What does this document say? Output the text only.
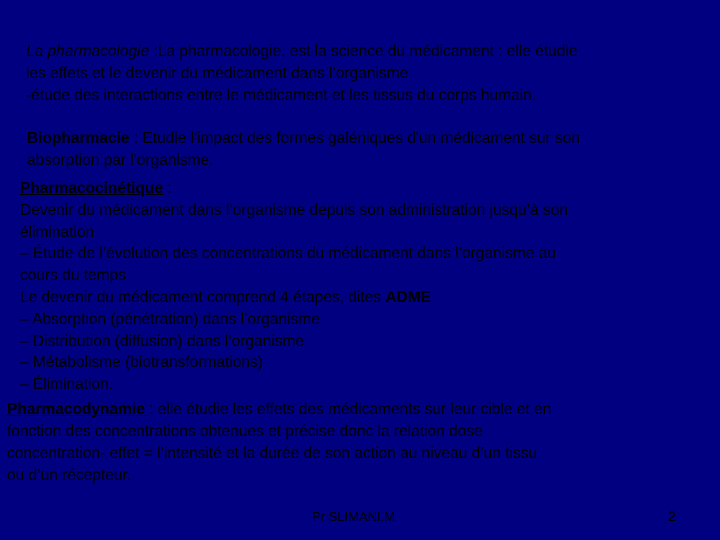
La pharmacologie :La pharmacologie, est la science du médicament : elle étudie
les effets et le devenir du médicament dans l’organisme
-étude des interactions entre le médicament et les tissus du corps humain.
Biopharmacie : Etudie l'impact des formes galéniques d'un médicament sur son
absorption par l'organisme.
Pharmacocinétique :
Devenir du médicament dans l’organisme depuis son administration jusqu’à son
élimination
– Étude de l’évolution des concentrations du médicament dans l’organisme au
cours du temps
Le devenir du médicament comprend 4 étapes, dites ADME
– Absorption (pénétration) dans l’organisme
– Distribution (diffusion) dans l’organisme
– Métabolisme (biotransformations)
– Élimination.
Pharmacodynamie : elle étudie les effets des médicaments sur leur cible et en
fonction des concentrations obtenues et précise donc la relation dose
concentration- effet = l’intensité et la durée de son action au niveau d’un tissu
ou d’un récepteur.
Pr SLIMANI.M	2
